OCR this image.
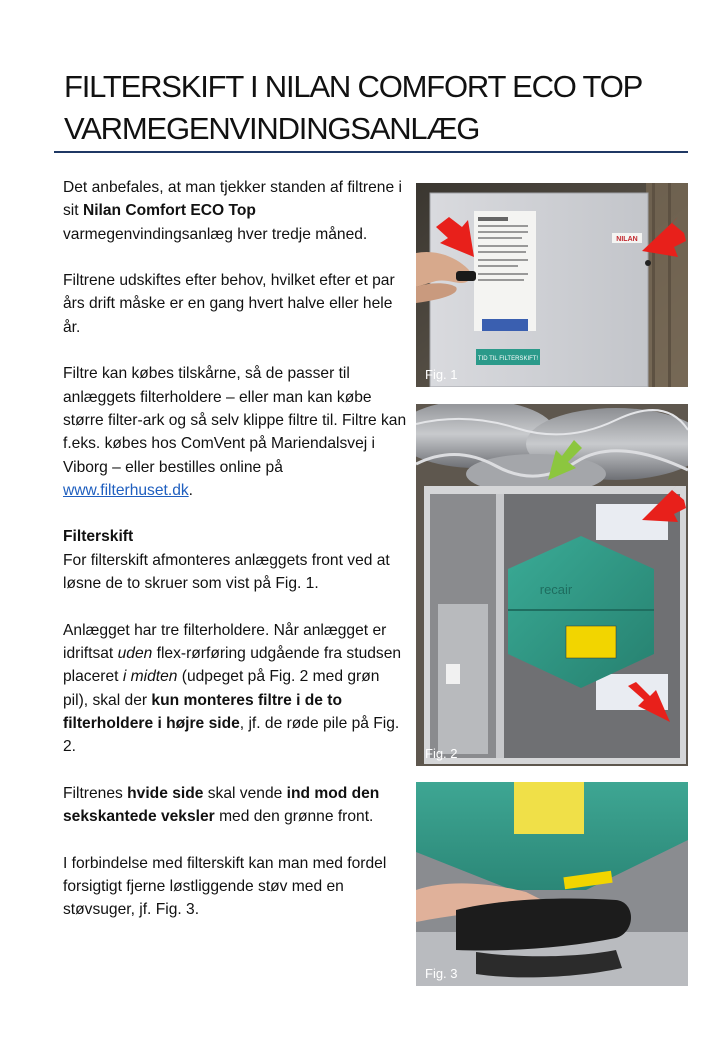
FILTERSKIFT I NILAN COMFORT ECO TOP
VARMEGENVINDINGSANLÆG

Det anbefales, at man tjekker standen af filtrene i sit Nilan Comfort ECO Top varmegenvindingsanlæg hver tredje måned.

Filtrene udskiftes efter behov, hvilket efter et par års drift måske er en gang hvert halve eller hele år.

Filtre kan købes tilskårne, så de passer til anlæggets filterholdere – eller man kan købe større filter-ark og så selv klippe filtre til. Filtre kan f.eks. købes hos ComVent på Mariendalsvej i Viborg – eller bestilles online på www.filterhuset.dk.

Filterskift

For filterskift afmonteres anlæggets front ved at løsne de to skruer som vist på Fig. 1.

Anlægget har tre filterholdere. Når anlægget er idriftsat uden flex-rørføring udgående fra studsen placeret i midten (udpeget på Fig. 2 med grøn pil), skal der kun monteres filtre i de to filterholdere i højre side, jf. de røde pile på Fig. 2.

Filtrenes hvide side skal vende ind mod den sekskantede veksler med den grønne front.

I forbindelse med filterskift kan man med fordel forsigtigt fjerne løstliggende støv med en støvsuger, jf. Fig. 3.

TID TIL FILTERSKIFT!
NILAN
Fig. 1
recair
Fig. 2
Fig. 3
